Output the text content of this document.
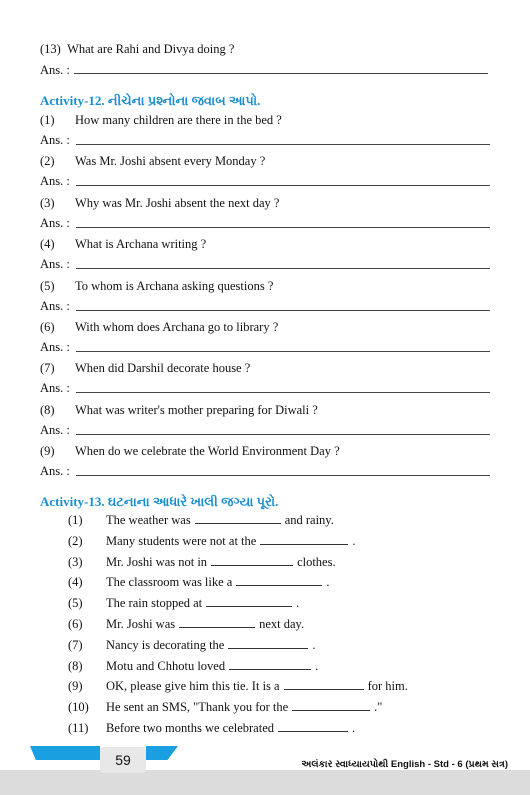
(13) What are Rahi and Divya doing ?
Ans. :
Activity-12. નીચેના પ્રશ્નોના જવાબ આપો.
(1) How many children are there in the bed ?
Ans. :
(2) Was Mr. Joshi absent every Monday ?
Ans. :
(3) Why was Mr. Joshi absent the next day ?
Ans. :
(4) What is Archana writing ?
Ans. :
(5) To whom is Archana asking questions ?
Ans. :
(6) With whom does Archana go to library ?
Ans. :
(7) When did Darshil decorate house ?
Ans. :
(8) What was writer's mother preparing for Diwali ?
Ans. :
(9) When do we celebrate the World Environment Day ?
Ans. :
Activity-13. ઘટનાના આધારે ખાલી જગ્યા પૂરો.
(1) The weather was	and rainy.
(2) Many students were not at the	.
(3) Mr. Joshi was not in	clothes.
(4) The classroom was like a	.
(5) The rain stopped at	.
(6) Mr. Joshi was	next day.
(7) Nancy is decorating the	.
(8) Motu and Chhotu loved	.
(9) OK, please give him this tie. It is a	for him.
(10) He sent an SMS, "Thank you for the	."
(11) Before two months we celebrated	.
59	અલંકાર સ્વાધ્યાયપોથી English - Std - 6 (પ્રથમ સત્ર)
